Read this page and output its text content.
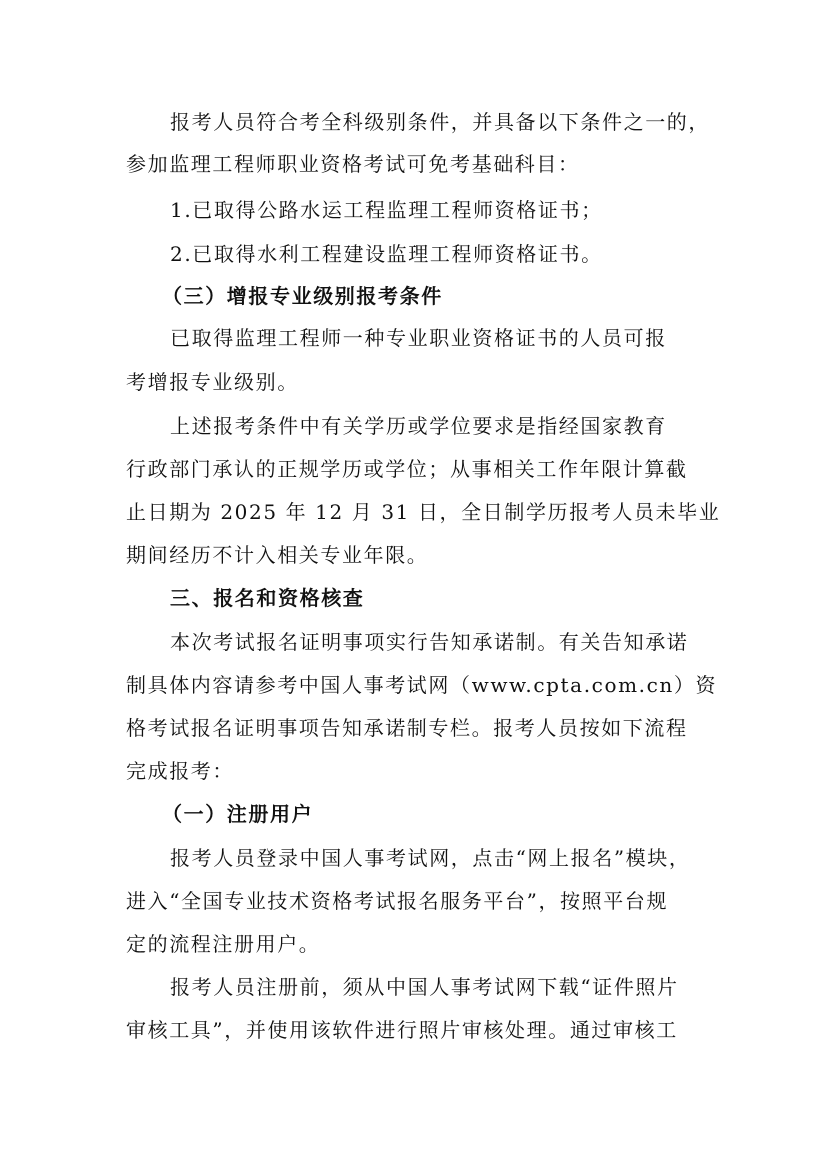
报考人员符合考全科级别条件，并具备以下条件之一的，
参加监理工程师职业资格考试可免考基础科目：
1.已取得公路水运工程监理工程师资格证书；
2.已取得水利工程建设监理工程师资格证书。
（三）增报专业级别报考条件
已取得监理工程师一种专业职业资格证书的人员可报
考增报专业级别。
上述报考条件中有关学历或学位要求是指经国家教育
行政部门承认的正规学历或学位；从事相关工作年限计算截
止日期为 2025 年 12 月 31 日，全日制学历报考人员未毕业
期间经历不计入相关专业年限。
三、报名和资格核查
本次考试报名证明事项实行告知承诺制。有关告知承诺
制具体内容请参考中国人事考试网（www.cpta.com.cn）资
格考试报名证明事项告知承诺制专栏。报考人员按如下流程
完成报考：
（一）注册用户
报考人员登录中国人事考试网，点击“网上报名”模块，
进入“全国专业技术资格考试报名服务平台”，按照平台规
定的流程注册用户。
报考人员注册前，须从中国人事考试网下载“证件照片
审核工具”，并使用该软件进行照片审核处理。通过审核工
